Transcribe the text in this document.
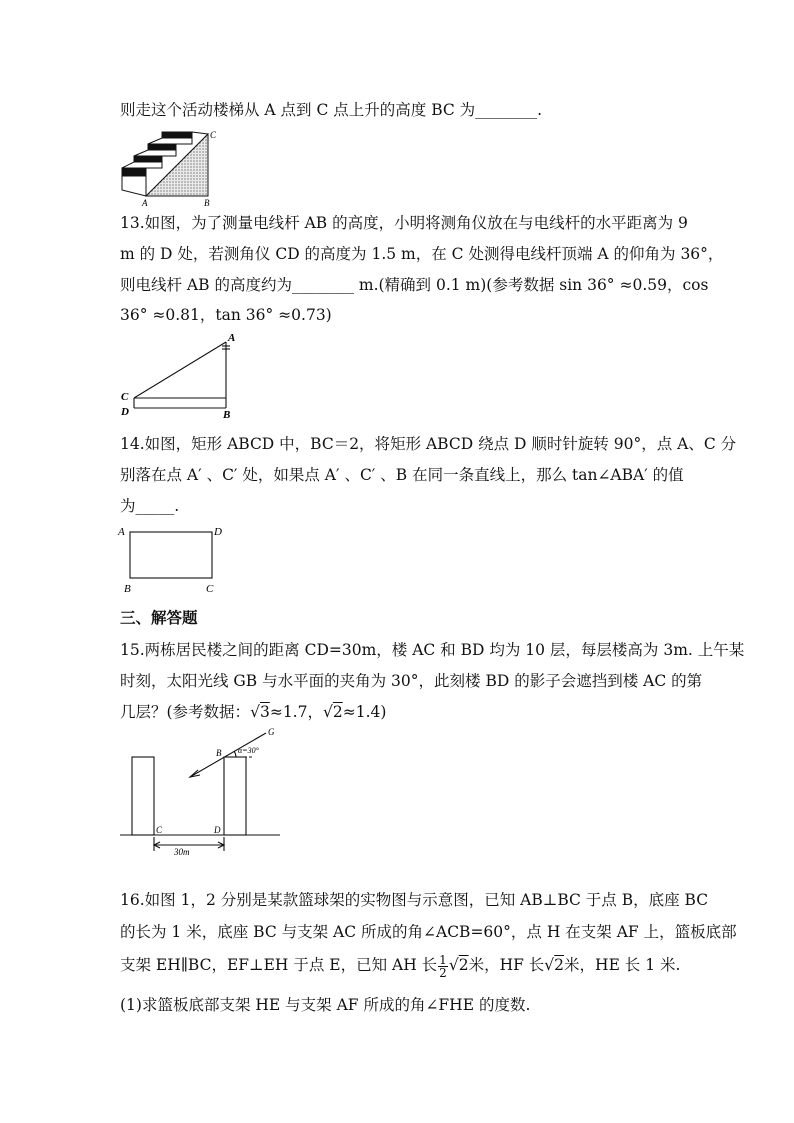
则走这个活动楼梯从 A 点到 C 点上升的高度 BC 为________.
C
A	B
13.如图，为了测量电线杆 AB 的高度，小明将测角仪放在与电线杆的水平距离为 9
m 的 D 处，若测角仪 CD 的高度为 1.5 m，在 C 处测得电线杆顶端 A 的仰角为 36°，
则电线杆 AB 的高度约为________ m.(精确到 0.1 m)(参考数据 sin 36° ≈0.59，cos
36° ≈0.81，tan 36° ≈0.73)
A
C
D	B
14.如图，矩形 ABCD 中，BC＝2，将矩形 ABCD 绕点 D 顺时针旋转 90°，点 A、C 分
别落在点 A′ 、C′ 处，如果点 A′ 、C′ 、B 在同一条直线上，那么 tan∠ABA′ 的值
为_____.
A	D
B	C
三、解答题
15.两栋居民楼之间的距离 CD=30m，楼 AC 和 BD 均为 10 层，每层楼高为 3m. 上午某
时刻，太阳光线 GB 与水平面的夹角为 30°，此刻楼 BD 的影子会遮挡到楼 AC 的第
几层？(参考数据：√3≈1.7，√2≈1.4)
G
B α=30°
C	D
30m
16.如图 1，2 分别是某款篮球架的实物图与示意图，已知 AB⊥BC 于点 B，底座 BC
的长为 1 米，底座 BC 与支架 AC 所成的角∠ACB=60°，点 H 在支架 AF 上，篮板底部
支架 EH∥BC，EF⊥EH 于点 E，已知 AH 长 $\frac{1}{2} √2$米，HF 长√2米，HE 长 1 米.
(1)求篮板底部支架 HE 与支架 AF 所成的角∠FHE 的度数.
